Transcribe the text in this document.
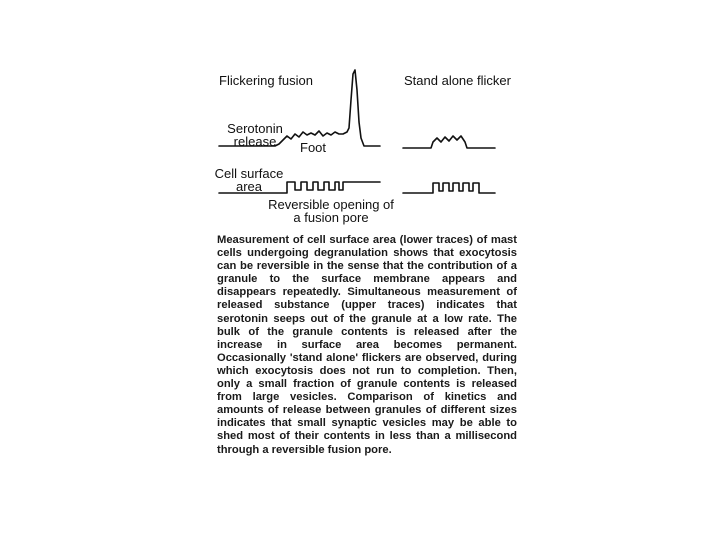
Flickering fusion	Stand alone flicker
Serotonin
release	Foot
Cell surface
area
Reversible opening of
a fusion pore

Measurement of cell surface area (lower traces) of mast cells undergoing degranulation shows that exocytosis can be reversible in the sense that the contribution of a granule to the surface membrane appears and disappears repeatedly. Simultaneous measurement of released substance (upper traces) indicates that serotonin seeps out of the granule at a low rate. The bulk of the granule contents is released after the increase in surface area becomes permanent. Occasionally 'stand alone' flickers are observed, during which exocytosis does not run to completion. Then, only a small fraction of granule contents is released from large vesicles. Comparison of kinetics and amounts of release between granules of different sizes indicates that small synaptic vesicles may be able to shed most of their contents in less than a millisecond through a reversible fusion pore.
